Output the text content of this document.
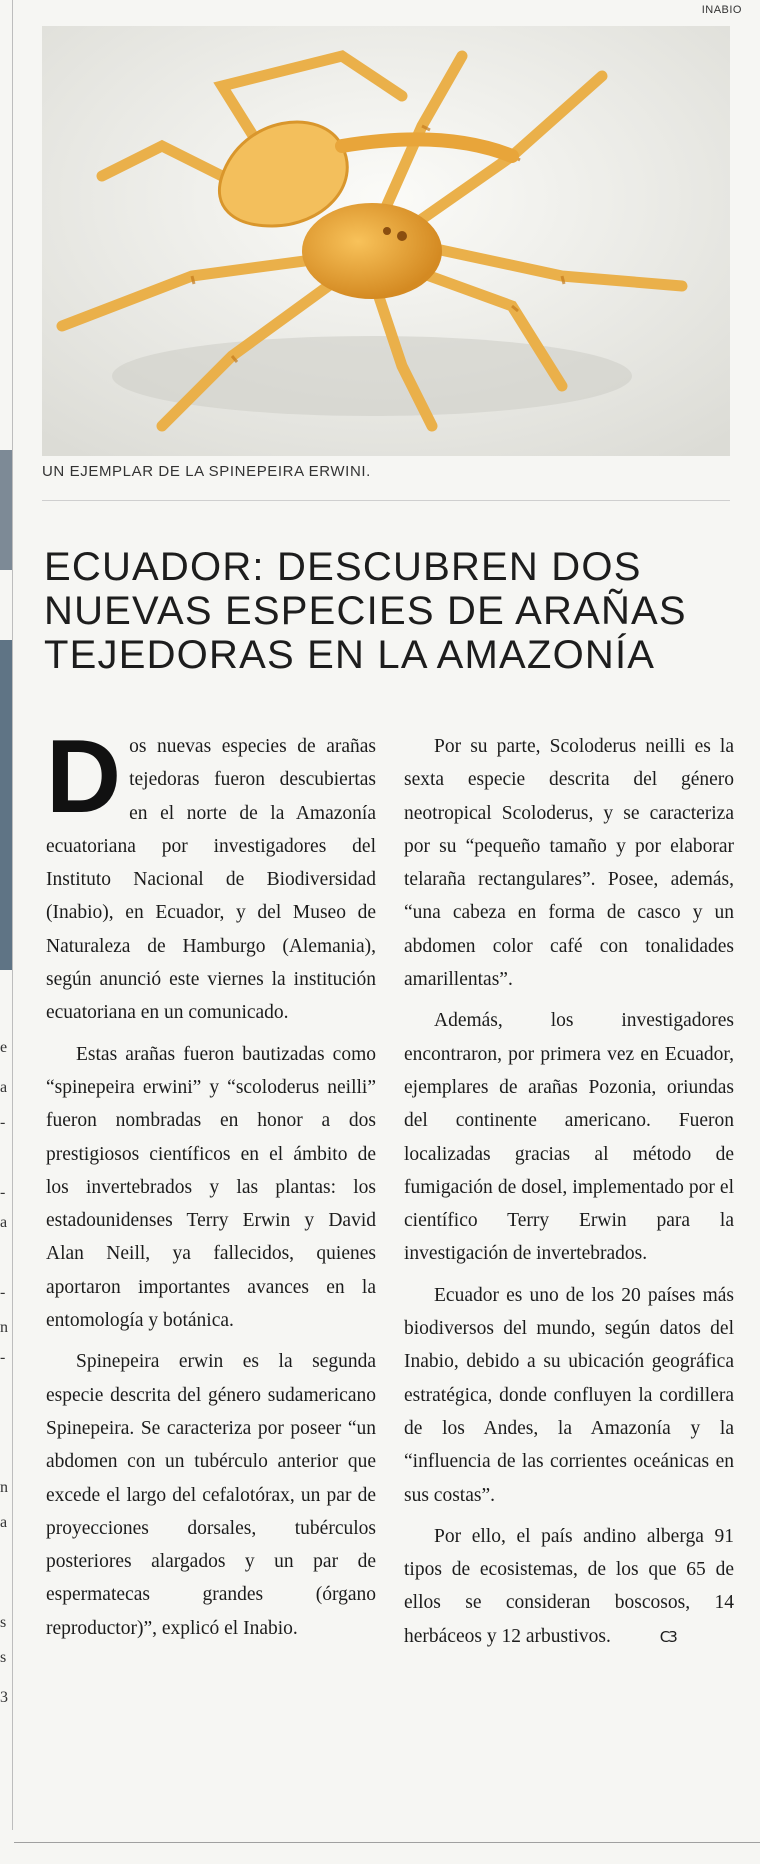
e
a
-
-
a
-
n
-
n
a
s
s
3
INABIO
UN EJEMPLAR DE LA SPINEPEIRA ERWINI.
ECUADOR: DESCUBREN DOS
NUEVAS ESPECIES DE ARAÑAS
TEJEDORAS EN LA AMAZONÍA

D os nuevas especies de arañas tejedoras fueron descubiertas en el norte de la Amazonía ecuatoriana por investigadores del Instituto Nacional de Biodiversidad (Inabio), en Ecuador, y del Museo de Naturaleza de Hamburgo (Alemania), según anunció este viernes la institución ecuatoriana en un comunicado.

Estas arañas fueron bautizadas como “spinepeira erwini” y “scoloderus neilli” fueron nombradas en honor a dos prestigiosos científicos en el ámbito de los invertebrados y las plantas: los estadounidenses Terry Erwin y David Alan Neill, ya fallecidos, quienes aportaron importantes avances en la entomología y botánica.

Spinepeira erwin es la segunda especie descrita del género sudamericano Spinepeira. Se caracteriza por poseer “un abdomen con un tubérculo anterior que excede el largo del cefalotórax, un par de proyecciones dorsales, tubérculos posteriores alargados y un par de espermatecas grandes (órgano reproductor)”, explicó el Inabio.

Por su parte, Scoloderus neilli es la sexta especie descrita del género neotropical Scoloderus, y se caracteriza por su “pequeño tamaño y por elaborar telaraña rectangulares”. Posee, además, “una cabeza en forma de casco y un abdomen color café con tonalidades amarillentas”.

Además, los investigadores encontraron, por primera vez en Ecuador, ejemplares de arañas Pozonia, oriundas del continente americano. Fueron localizadas gracias al método de fumigación de dosel, implementado por el científico Terry Erwin para la investigación de invertebrados.

Ecuador es uno de los 20 países más biodiversos del mundo, según datos del Inabio, debido a su ubicación geográfica estratégica, donde confluyen la cordillera de los Andes, la Amazonía y la “influencia de las corrientes oceánicas en sus costas”.

Por ello, el país andino alberga 91 tipos de ecosistemas, de los que 65 de ellos se consideran boscosos, 14 herbáceos y 12 arbustivos.	C3
